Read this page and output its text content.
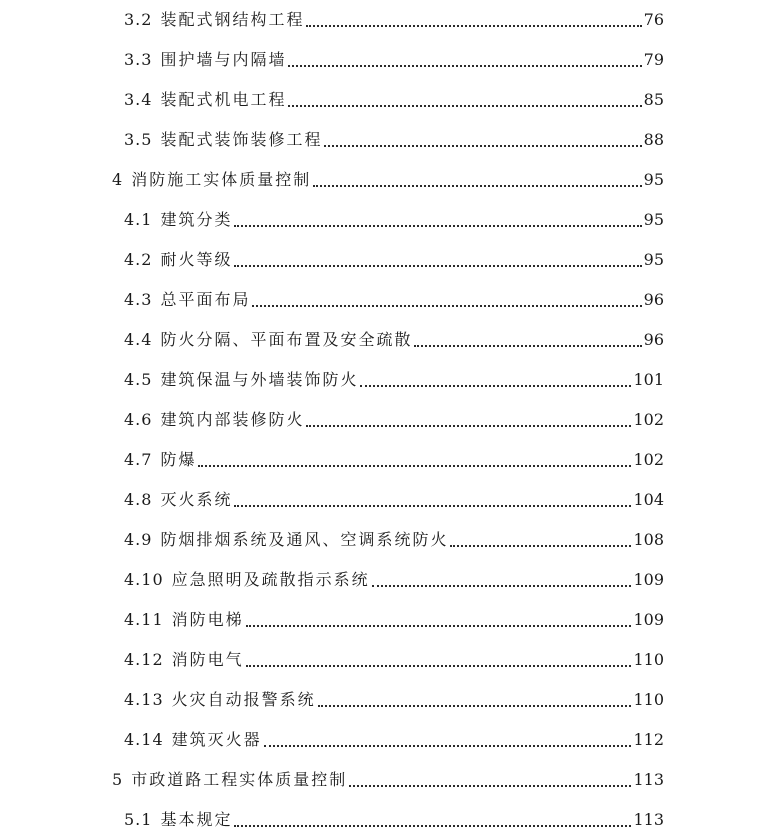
3.2 装配式钢结构工程	76
3.3 围护墙与内隔墙	79
3.4 装配式机电工程	85
3.5 装配式装饰装修工程	88
4 消防施工实体质量控制	95
4.1 建筑分类	95
4.2 耐火等级	95
4.3 总平面布局	96
4.4 防火分隔、平面布置及安全疏散	96
4.5 建筑保温与外墙装饰防火	101
4.6 建筑内部装修防火	102
4.7 防爆	102
4.8 灭火系统	104
4.9 防烟排烟系统及通风、空调系统防火	108
4.10 应急照明及疏散指示系统	109
4.11 消防电梯	109
4.12 消防电气	110
4.13 火灾自动报警系统	110
4.14 建筑灭火器	112
5 市政道路工程实体质量控制	113
5.1 基本规定	113
